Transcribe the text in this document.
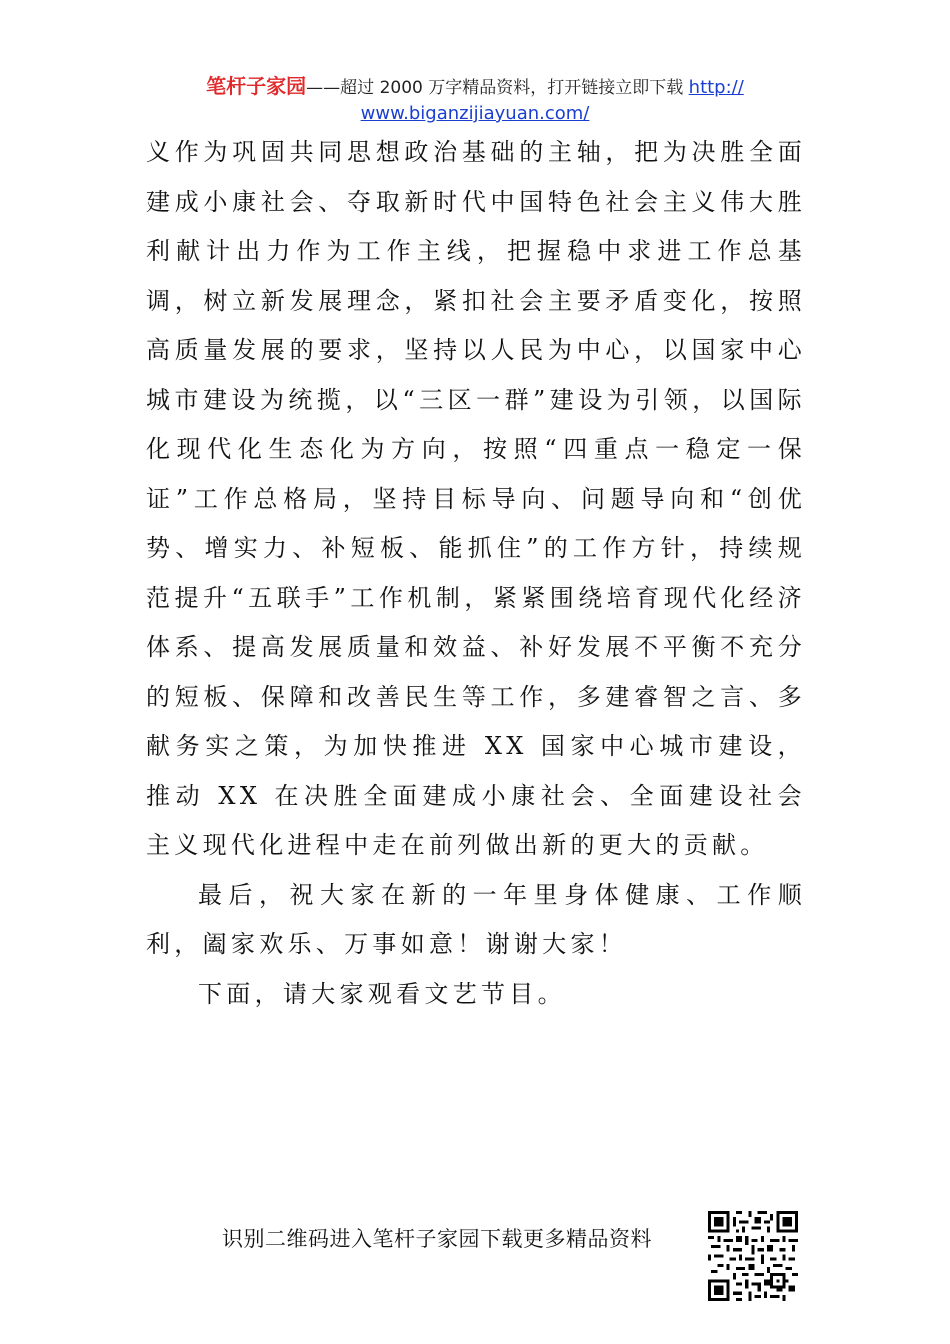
笔杆子家园——超过 2000 万字精品资料，打开链接立即下载 http://
www.biganzijiayuan.com/

义作为巩固共同思想政治基础的主轴，把为决胜全面建成小康社会、夺取新时代中国特色社会主义伟大胜利献计出力作为工作主线，把握稳中求进工作总基调，树立新发展理念，紧扣社会主要矛盾变化，按照高质量发展的要求，坚持以人民为中心，以国家中心城市建设为统揽，以“三区一群”建设为引领，以国际化现代化生态化为方向，按照“四重点一稳定一保证”工作总格局，坚持目标导向、问题导向和“创优势、增实力、补短板、能抓住”的工作方针，持续规范提升“五联手”工作机制，紧紧围绕培育现代化经济体系、提高发展质量和效益、补好发展不平衡不充分的短板、保障和改善民生等工作，多建睿智之言、多献务实之策，为加快推进 XX 国家中心城市建设，推动 XX 在决胜全面建成小康社会、全面建设社会主义现代化进程中走在前列做出新的更大的贡献。

最后，祝大家在新的一年里身体健康、工作顺利，阖家欢乐、万事如意！谢谢大家！

下面，请大家观看文艺节目。

识别二维码进入笔杆子家园下载更多精品资料
